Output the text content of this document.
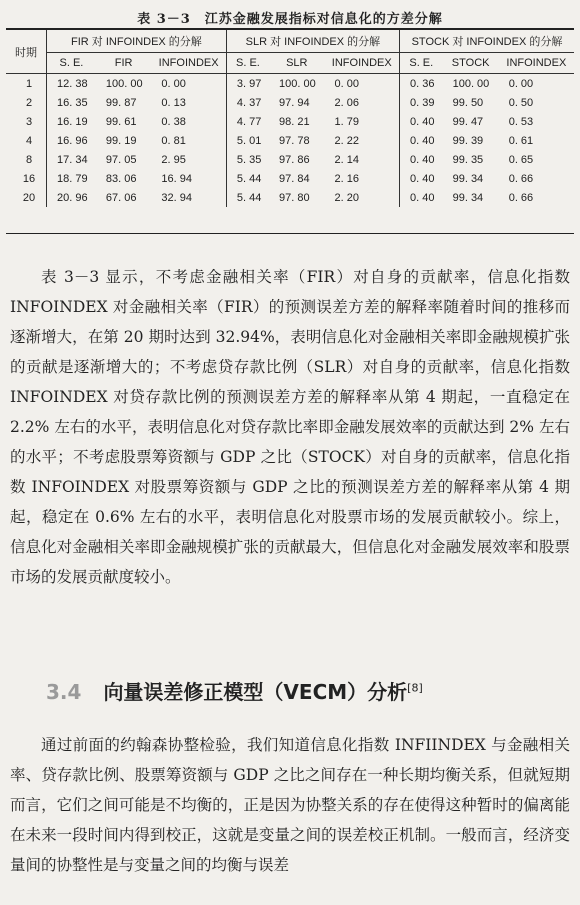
表 3－3　江苏金融发展指标对信息化的方差分解
时期	FIR 对 INFOINDEX 的分解			SLR 对 INFOINDEX 的分解			STOCK 对 INFOINDEX 的分解		
	S. E.	FIR	INFOINDEX	S. E.	SLR	INFOINDEX	S. E.	STOCK	INFOINDEX
1	12. 38	100. 00	0. 00	3. 97	100. 00	0. 00	0. 36	100. 00	0. 00
2	16. 35	99. 87	0. 13	4. 37	97. 94	2. 06	0. 39	99. 50	0. 50
3	16. 19	99. 61	0. 38	4. 77	98. 21	1. 79	0. 40	99. 47	0. 53
4	16. 96	99. 19	0. 81	5. 01	97. 78	2. 22	0. 40	99. 39	0. 61
8	17. 34	97. 05	2. 95	5. 35	97. 86	2. 14	0. 40	99. 35	0. 65
16	18. 79	83. 06	16. 94	5. 44	97. 84	2. 16	0. 40	99. 34	0. 66
20	20. 96	67. 06	32. 94	5. 44	97. 80	2. 20	0. 40	99. 34	0. 66

表 3－3 显示，不考虑金融相关率（FIR）对自身的贡献率，信息化指数 INFOINDEX 对金融相关率（FIR）的预测误差方差的解释率随着时间的推移而逐渐增大，在第 20 期时达到 32.94%，表明信息化对金融相关率即金融规模扩张的贡献是逐渐增大的；不考虑贷存款比例（SLR）对自身的贡献率，信息化指数 INFOINDEX 对贷存款比例的预测误差方差的解释率从第 4 期起，一直稳定在 2.2% 左右的水平，表明信息化对贷存款比率即金融发展效率的贡献达到 2% 左右的水平；不考虑股票筹资额与 GDP 之比（STOCK）对自身的贡献率，信息化指数 INFOINDEX 对股票筹资额与 GDP 之比的预测误差方差的解释率从第 4 期起，稳定在 0.6% 左右的水平，表明信息化对股票市场的发展贡献较小。综上，信息化对金融相关率即金融规模扩张的贡献最大，但信息化对金融发展效率和股票市场的发展贡献度较小。

3.4 向量误差修正模型（VECM）分析[8]

通过前面的约翰森协整检验，我们知道信息化指数 INFIINDEX 与金融相关率、贷存款比例、股票筹资额与 GDP 之比之间存在一种长期均衡关系，但就短期而言，它们之间可能是不均衡的，正是因为协整关系的存在使得这种暂时的偏离能在未来一段时间内得到校正，这就是变量之间的误差校正机制。一般而言，经济变量间的协整性是与变量之间的均衡与误差
